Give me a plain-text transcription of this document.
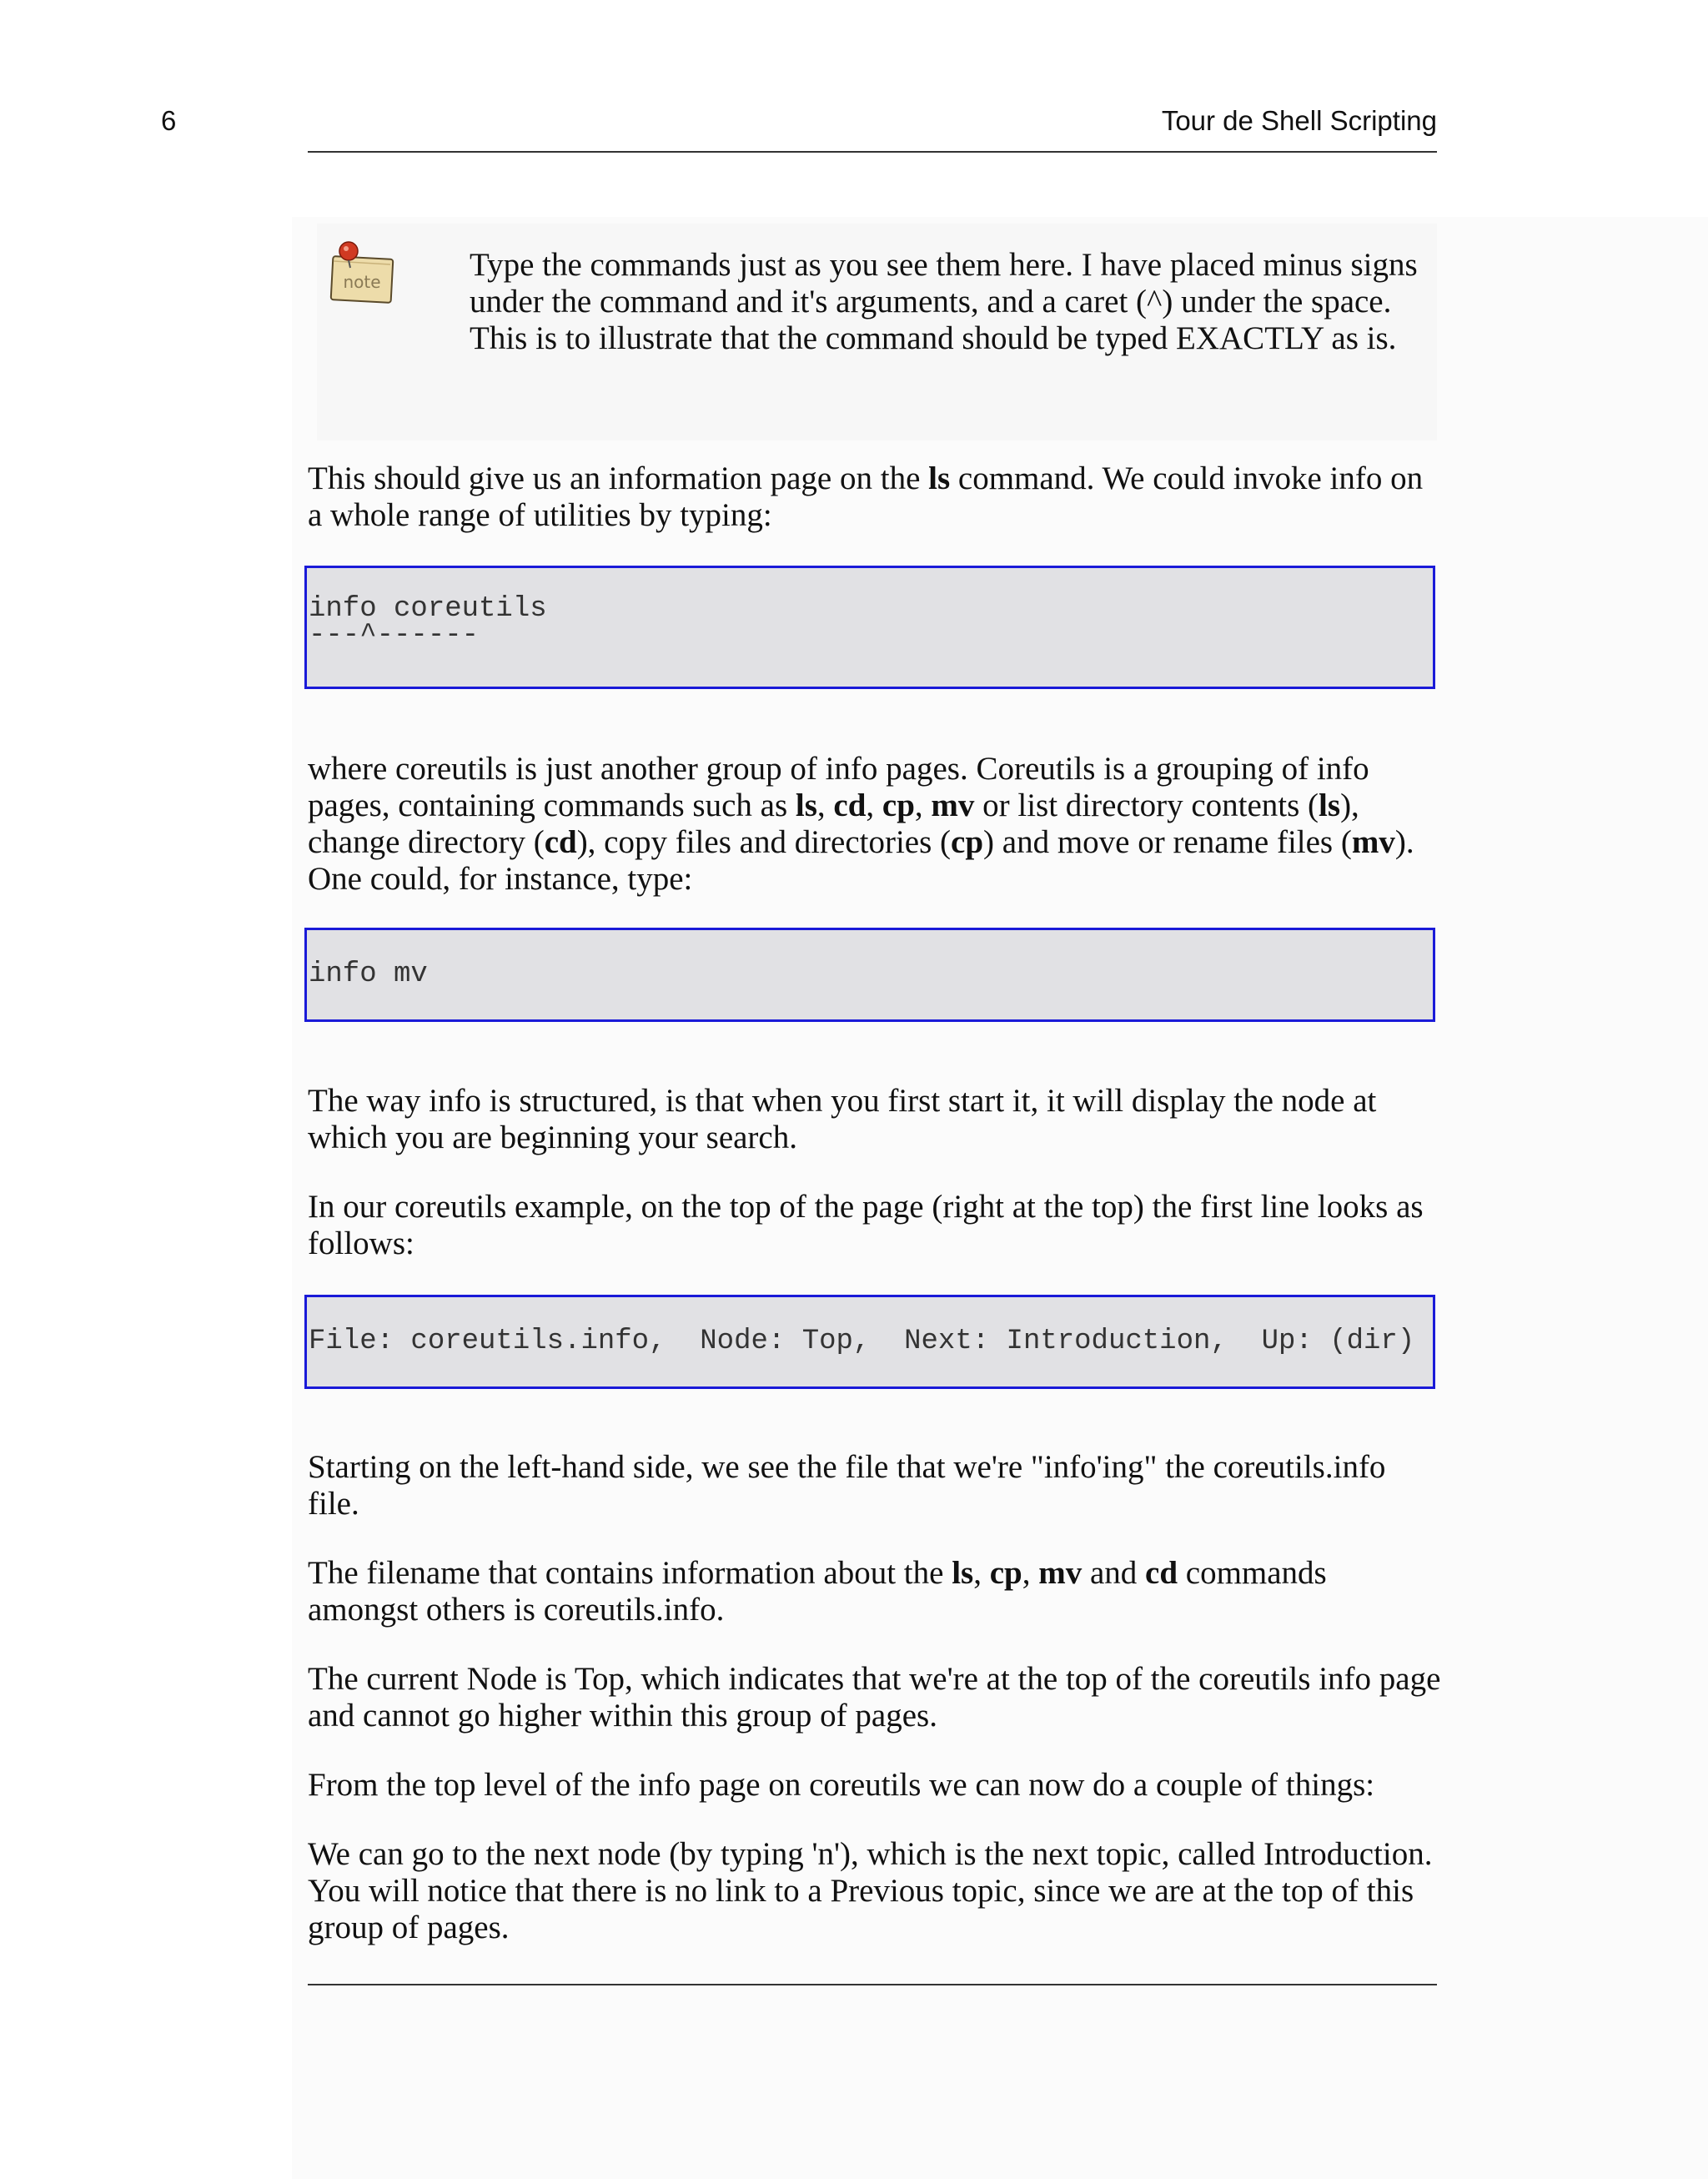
6	Tour de Shell Scripting
note	Type the commands just as you see them here. I have placed minus signs under the command and it's arguments, and a caret (^) under the space. This is to illustrate that the command should be typed EXACTLY as is.

This should give us an information page on the ls command. We could invoke info on a whole range of utilities by typing:

info coreutils
---^------

where coreutils is just another group of info pages. Coreutils is a grouping of info pages, containing commands such as ls, cd, cp, mv or list directory contents (ls), change directory (cd), copy files and directories (cp) and move or rename files (mv). One could, for instance, type:

info mv

The way info is structured, is that when you first start it, it will display the node at which you are beginning your search.

In our coreutils example, on the top of the page (right at the top) the first line looks as follows:

File: coreutils.info,  Node: Top,  Next: Introduction,  Up: (dir)

Starting on the left-hand side, we see the file that we're "info'ing" the coreutils.info file.

The filename that contains information about the ls, cp, mv and cd commands amongst others is coreutils.info.

The current Node is Top, which indicates that we're at the top of the coreutils info page and cannot go higher within this group of pages.

From the top level of the info page on coreutils we can now do a couple of things:

We can go to the next node (by typing 'n'), which is the next topic, called Introduction. You will notice that there is no link to a Previous topic, since we are at the top of this group of pages.
